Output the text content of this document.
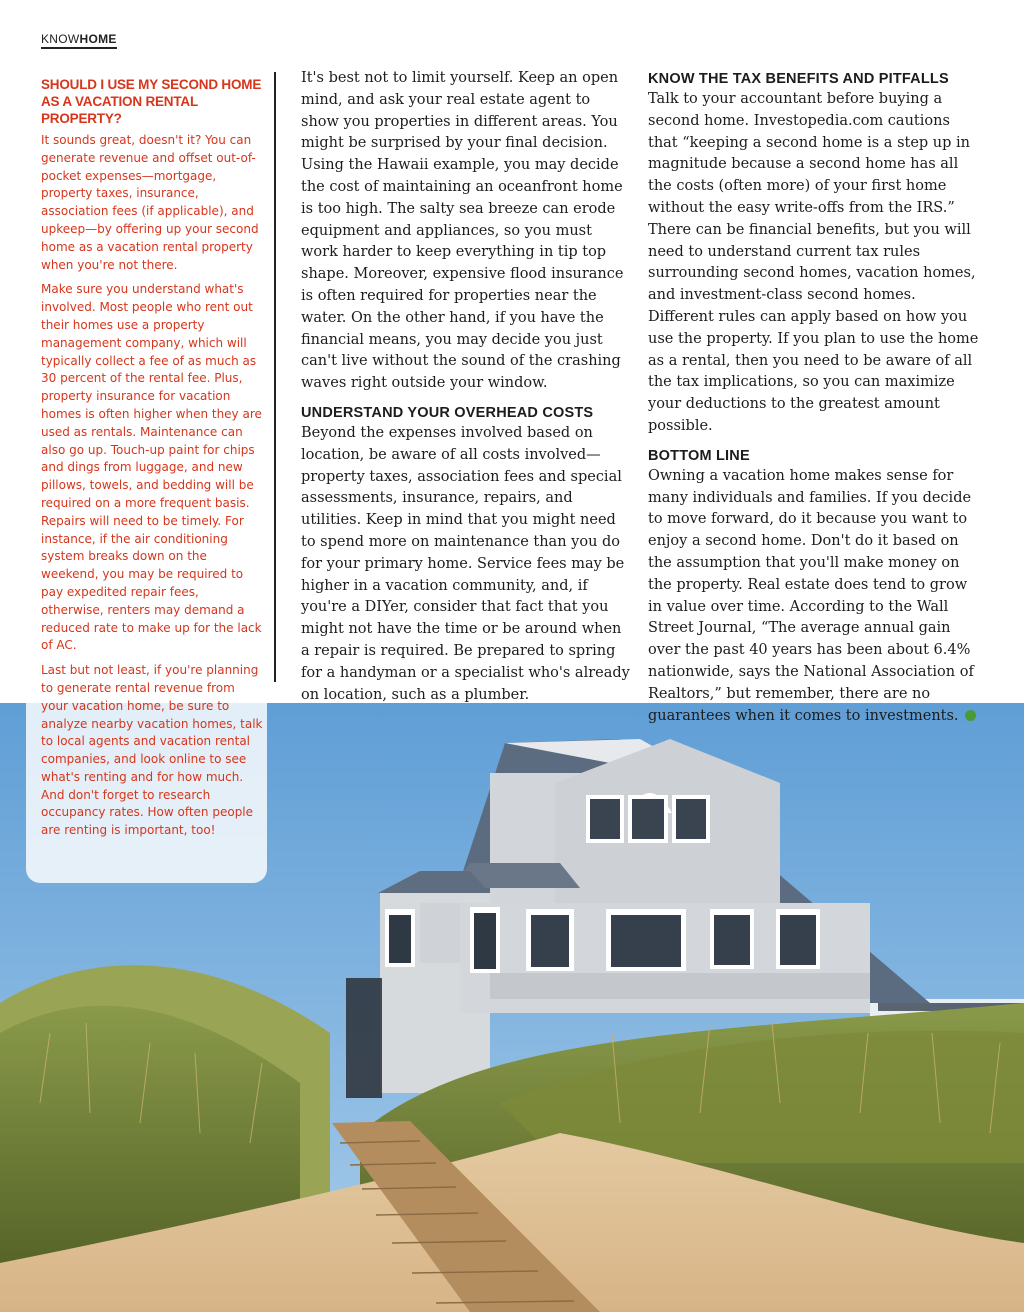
KNOWHOME
SHOULD I USE MY SECOND HOME AS A VACATION RENTAL PROPERTY?

It sounds great, doesn't it? You can generate revenue and offset out-of-pocket expenses—mortgage, property taxes, insurance, association fees (if applicable), and upkeep—by offering up your second home as a vacation rental property when you're not there.

Make sure you understand what's involved. Most people who rent out their homes use a property management company, which will typically collect a fee of as much as 30 percent of the rental fee. Plus, property insurance for vacation homes is often higher when they are used as rentals. Maintenance can also go up. Touch-up paint for chips and dings from luggage, and new pillows, towels, and bedding will be required on a more frequent basis. Repairs will need to be timely. For instance, if the air conditioning system breaks down on the weekend, you may be required to pay expedited repair fees, otherwise, renters may demand a reduced rate to make up for the lack of AC.

Last but not least, if you're planning to generate rental revenue from your vacation home, be sure to analyze nearby vacation homes, talk to local agents and vacation rental companies, and look online to see what's renting and for how much. And don't forget to research occupancy rates. How often people are renting is important, too!

It's best not to limit yourself. Keep an open mind, and ask your real estate agent to show you properties in different areas. You might be surprised by your final decision. Using the Hawaii example, you may decide the cost of maintaining an oceanfront home is too high. The salty sea breeze can erode equipment and appliances, so you must work harder to keep everything in tip top shape. Moreover, expensive flood insurance is often required for properties near the water. On the other hand, if you have the financial means, you may decide you just can't live without the sound of the crashing waves right outside your window.

UNDERSTAND YOUR OVERHEAD COSTS

Beyond the expenses involved based on location, be aware of all costs involved—property taxes, association fees and special assessments, insurance, repairs, and utilities. Keep in mind that you might need to spend more on maintenance than you do for your primary home. Service fees may be higher in a vacation community, and, if you're a DIYer, consider that fact that you might not have the time or be around when a repair is required. Be prepared to spring for a handyman or a specialist who's already on location, such as a plumber.

KNOW THE TAX BENEFITS AND PITFALLS

Talk to your accountant before buying a second home. Investopedia.com cautions that “keeping a second home is a step up in magnitude because a second home has all the costs (often more) of your first home without the easy write-offs from the IRS.” There can be financial benefits, but you will need to understand current tax rules surrounding second homes, vacation homes, and investment-class second homes. Different rules can apply based on how you use the property. If you plan to use the home as a rental, then you need to be aware of all the tax implications, so you can maximize your deductions to the greatest amount possible.

BOTTOM LINE

Owning a vacation home makes sense for many individuals and families. If you decide to move forward, do it because you want to enjoy a second home. Don't do it based on the assumption that you'll make money on the property. Real estate does tend to grow in value over time. According to the Wall Street Journal, “The average annual gain over the past 40 years has been about 6.4% nationwide, says the National Association of Realtors,” but remember, there are no guarantees when it comes to investments.
